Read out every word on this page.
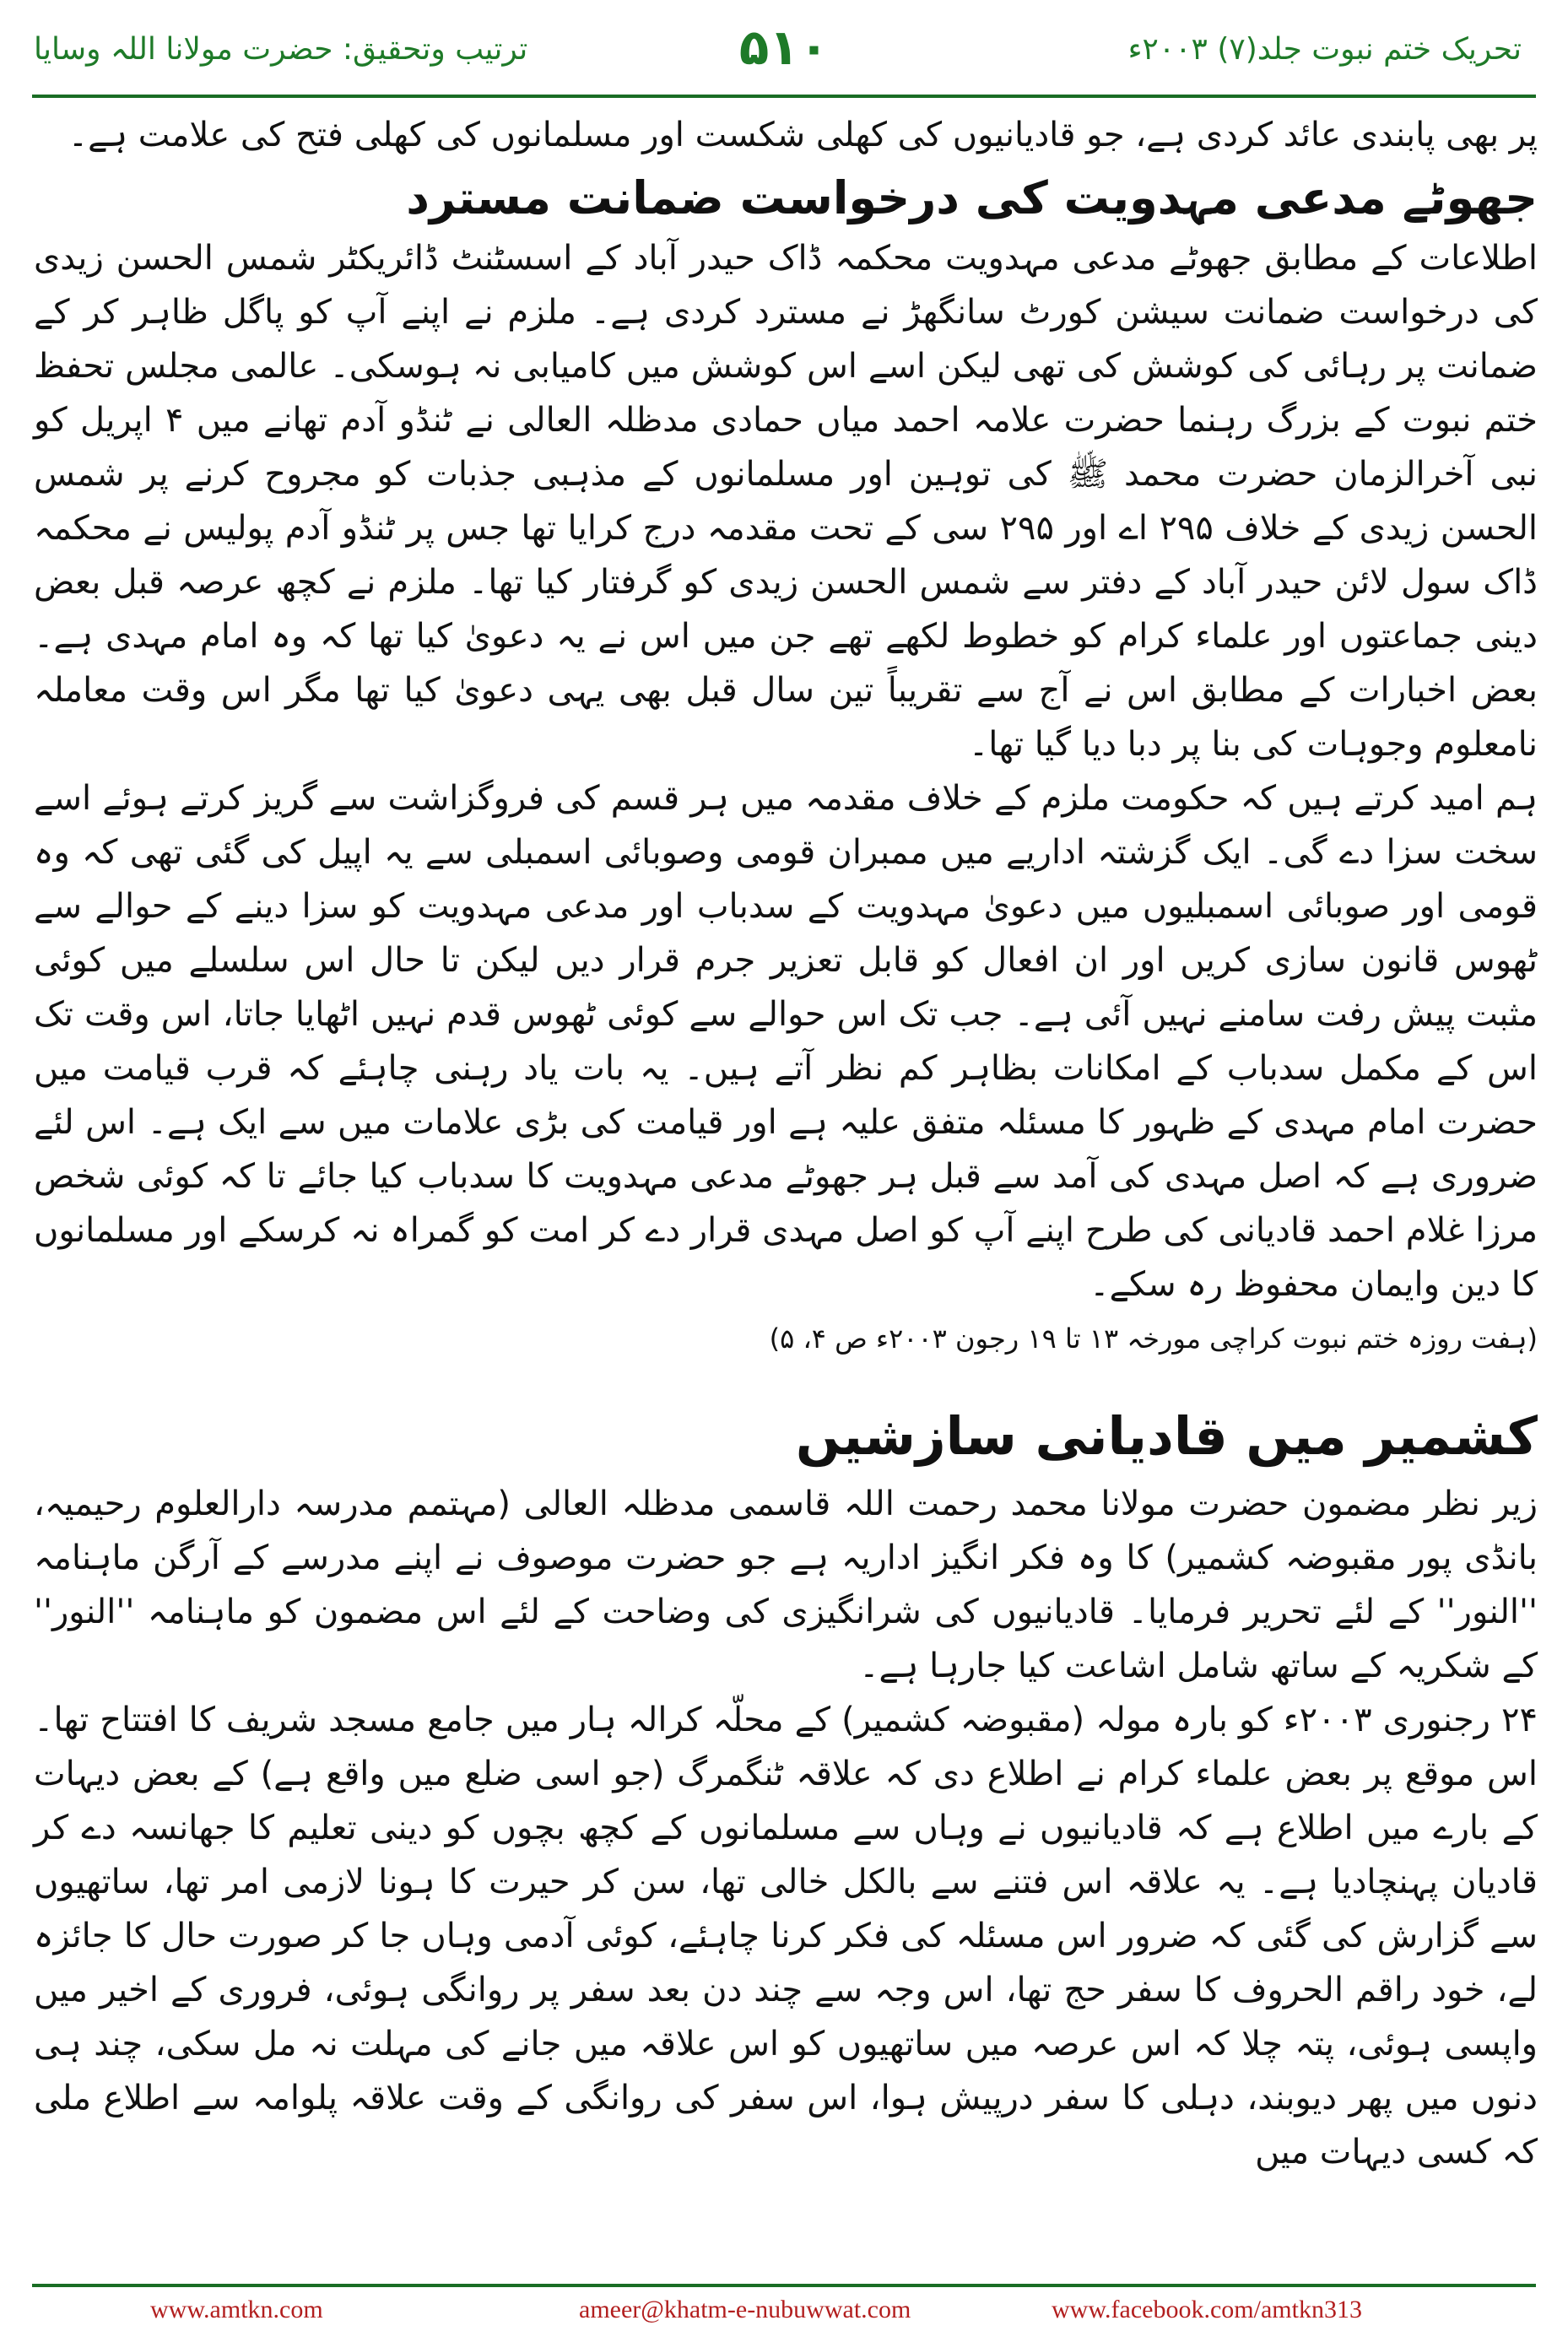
تحریک ختم نبوت جلد(۷) ۲۰۰۳ء
۵۱۰
ترتیب وتحقیق: حضرت مولانا اللہ وسایا

پر بھی پابندی عائد کردی ہے، جو قادیانیوں کی کھلی شکست اور مسلمانوں کی کھلی فتح کی علامت ہے۔

جھوٹے مدعی مہدویت کی درخواست ضمانت مسترد

اطلاعات کے مطابق جھوٹے مدعی مہدویت محکمہ ڈاک حیدر آباد کے اسسٹنٹ ڈائریکٹر شمس الحسن زیدی کی درخواست ضمانت سیشن کورٹ سانگھڑ نے مسترد کردی ہے۔ ملزم نے اپنے آپ کو پاگل ظاہر کر کے ضمانت پر رہائی کی کوشش کی تھی لیکن اسے اس کوشش میں کامیابی نہ ہوسکی۔ عالمی مجلس تحفظ ختم نبوت کے بزرگ رہنما حضرت علامہ احمد میاں حمادی مدظلہ العالی نے ٹنڈو آدم تھانے میں ۴ اپریل کو نبی آخرالزمان حضرت محمد ﷺ کی توہین اور مسلمانوں کے مذہبی جذبات کو مجروح کرنے پر شمس الحسن زیدی کے خلاف ۲۹۵ اے اور ۲۹۵ سی کے تحت مقدمہ درج کرایا تھا جس پر ٹنڈو آدم پولیس نے محکمہ ڈاک سول لائن حیدر آباد کے دفتر سے شمس الحسن زیدی کو گرفتار کیا تھا۔ ملزم نے کچھ عرصہ قبل بعض دینی جماعتوں اور علماء کرام کو خطوط لکھے تھے جن میں اس نے یہ دعویٰ کیا تھا کہ وہ امام مہدی ہے۔ بعض اخبارات کے مطابق اس نے آج سے تقریباً تین سال قبل بھی یہی دعویٰ کیا تھا مگر اس وقت معاملہ نامعلوم وجوہات کی بنا پر دبا دیا گیا تھا۔

ہم امید کرتے ہیں کہ حکومت ملزم کے خلاف مقدمہ میں ہر قسم کی فروگزاشت سے گریز کرتے ہوئے اسے سخت سزا دے گی۔ ایک گزشتہ اداریے میں ممبران قومی وصوبائی اسمبلی سے یہ اپیل کی گئی تھی کہ وہ قومی اور صوبائی اسمبلیوں میں دعویٰ مہدویت کے سدباب اور مدعی مہدویت کو سزا دینے کے حوالے سے ٹھوس قانون سازی کریں اور ان افعال کو قابل تعزیر جرم قرار دیں لیکن تا حال اس سلسلے میں کوئی مثبت پیش رفت سامنے نہیں آئی ہے۔ جب تک اس حوالے سے کوئی ٹھوس قدم نہیں اٹھایا جاتا، اس وقت تک اس کے مکمل سدباب کے امکانات بظاہر کم نظر آتے ہیں۔ یہ بات یاد رہنی چاہئے کہ قرب قیامت میں حضرت امام مہدی کے ظہور کا مسئلہ متفق علیہ ہے اور قیامت کی بڑی علامات میں سے ایک ہے۔ اس لئے ضروری ہے کہ اصل مہدی کی آمد سے قبل ہر جھوٹے مدعی مہدویت کا سدباب کیا جائے تا کہ کوئی شخص مرزا غلام احمد قادیانی کی طرح اپنے آپ کو اصل مہدی قرار دے کر امت کو گمراہ نہ کرسکے اور مسلمانوں کا دین وایمان محفوظ رہ سکے۔

(ہفت روزہ ختم نبوت کراچی مورخہ ۱۳ تا ۱۹ رجون ۲۰۰۳ء ص ۴، ۵)

کشمیر میں قادیانی سازشیں

زیر نظر مضمون حضرت مولانا محمد رحمت اللہ قاسمی مدظلہ العالی (مہتمم مدرسہ دارالعلوم رحیمیہ، بانڈی پور مقبوضہ کشمیر) کا وہ فکر انگیز اداریہ ہے جو حضرت موصوف نے اپنے مدرسے کے آرگن ماہنامہ ''النور'' کے لئے تحریر فرمایا۔ قادیانیوں کی شرانگیزی کی وضاحت کے لئے اس مضمون کو ماہنامہ ''النور'' کے شکریہ کے ساتھ شامل اشاعت کیا جارہا ہے۔

۲۴ رجنوری ۲۰۰۳ء کو بارہ مولہ (مقبوضہ کشمیر) کے محلّہ کرالہ ہار میں جامع مسجد شریف کا افتتاح تھا۔ اس موقع پر بعض علماء کرام نے اطلاع دی کہ علاقہ ٹنگمرگ (جو اسی ضلع میں واقع ہے) کے بعض دیہات کے بارے میں اطلاع ہے کہ قادیانیوں نے وہاں سے مسلمانوں کے کچھ بچوں کو دینی تعلیم کا جھانسہ دے کر قادیان پہنچادیا ہے۔ یہ علاقہ اس فتنے سے بالکل خالی تھا، سن کر حیرت کا ہونا لازمی امر تھا، ساتھیوں سے گزارش کی گئی کہ ضرور اس مسئلہ کی فکر کرنا چاہئے، کوئی آدمی وہاں جا کر صورت حال کا جائزہ لے، خود راقم الحروف کا سفر حج تھا، اس وجہ سے چند دن بعد سفر پر روانگی ہوئی، فروری کے اخیر میں واپسی ہوئی، پتہ چلا کہ اس عرصہ میں ساتھیوں کو اس علاقہ میں جانے کی مہلت نہ مل سکی، چند ہی دنوں میں پھر دیوبند، دہلی کا سفر درپیش ہوا، اس سفر کی روانگی کے وقت علاقہ پلوامہ سے اطلاع ملی کہ کسی دیہات میں

www.amtkn.com	ameer@khatm-e-nubuwwat.com	www.facebook.com/amtkn313
